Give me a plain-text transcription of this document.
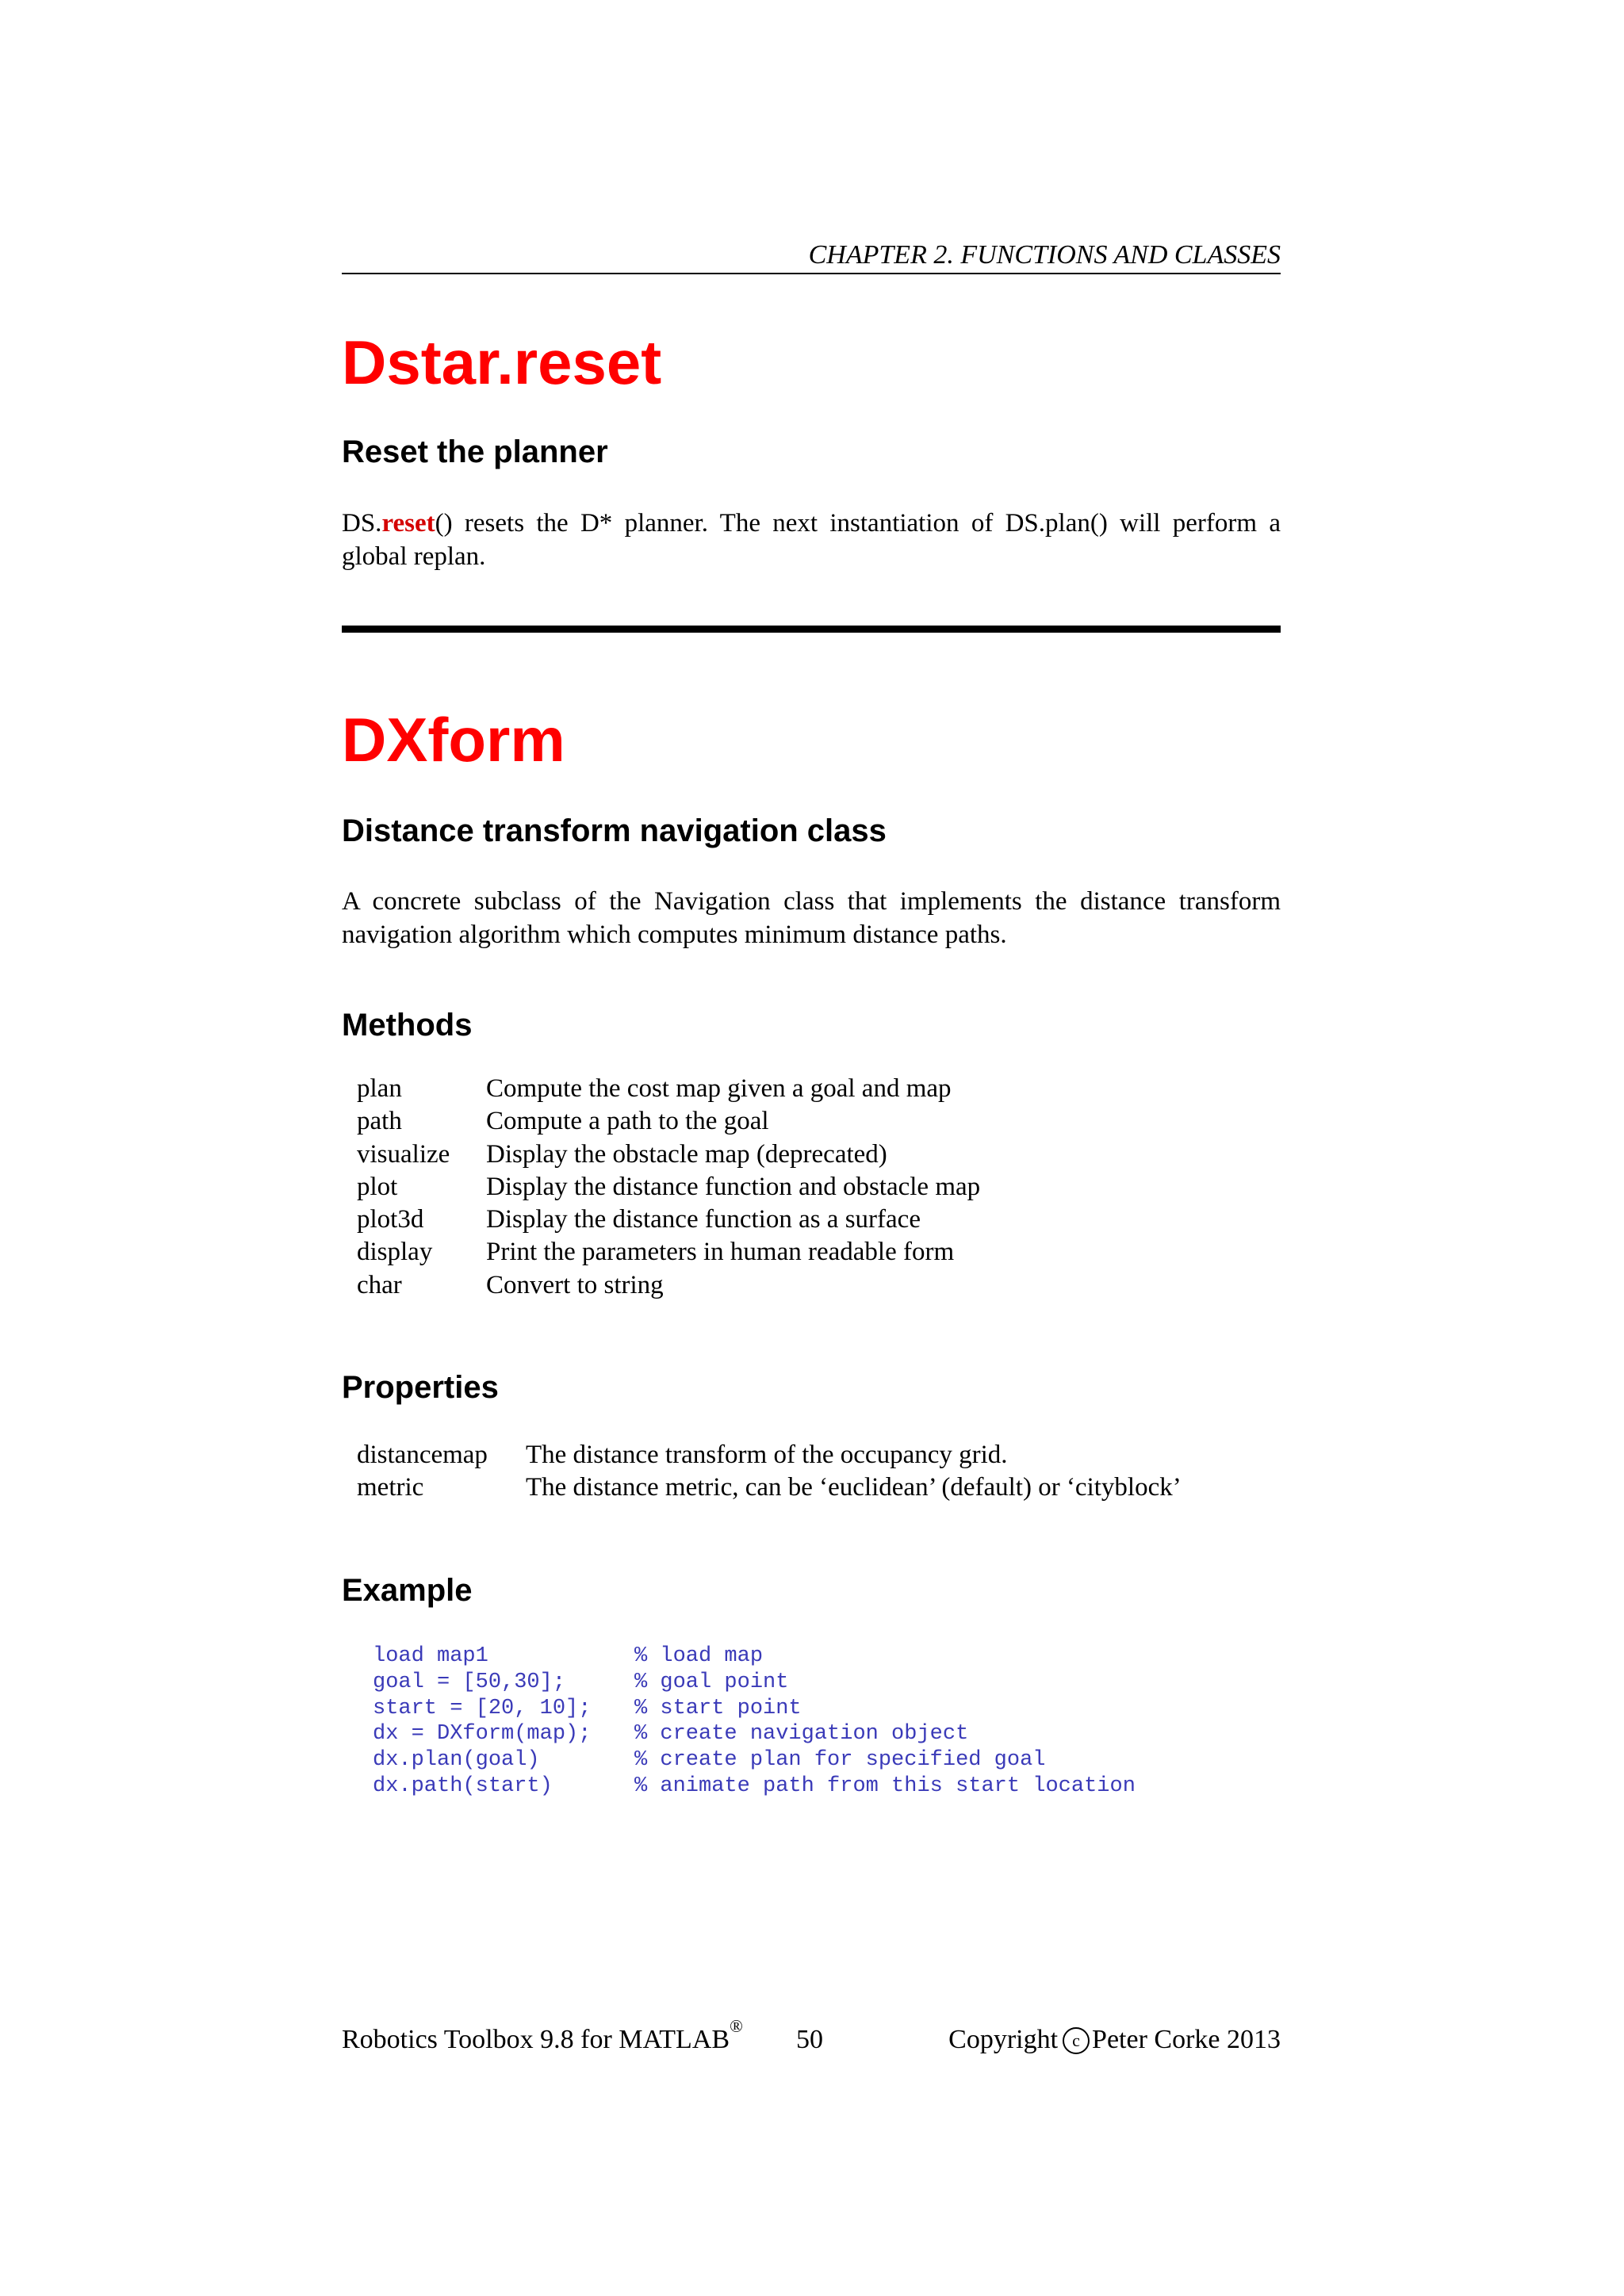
CHAPTER 2. FUNCTIONS AND CLASSES
Dstar.reset
Reset the planner

DS.reset() resets the D* planner. The next instantiation of DS.plan() will perform a global replan.

DXform
Distance transform navigation class

A concrete subclass of the Navigation class that implements the distance transform navigation algorithm which computes minimum distance paths.

Methods
plan	Compute the cost map given a goal and map
path	Compute a path to the goal
visualize	Display the obstacle map (deprecated)
plot	Display the distance function and obstacle map
plot3d	Display the distance function as a surface
display	Print the parameters in human readable form
char	Convert to string
Properties
distancemap	The distance transform of the occupancy grid.
metric	The distance metric, can be ‘euclidean’ (default) or ‘cityblock’
Example
load map1	% load map
goal = [50,30];	% goal point
start = [20, 10];	% start point
dx = DXform(map);	% create navigation object
dx.plan(goal)	% create plan for specified goal
dx.path(start)	% animate path from this start location
Robotics Toolbox 9.8 for MATLAB® 50	Copyright c Peter Corke 2013
